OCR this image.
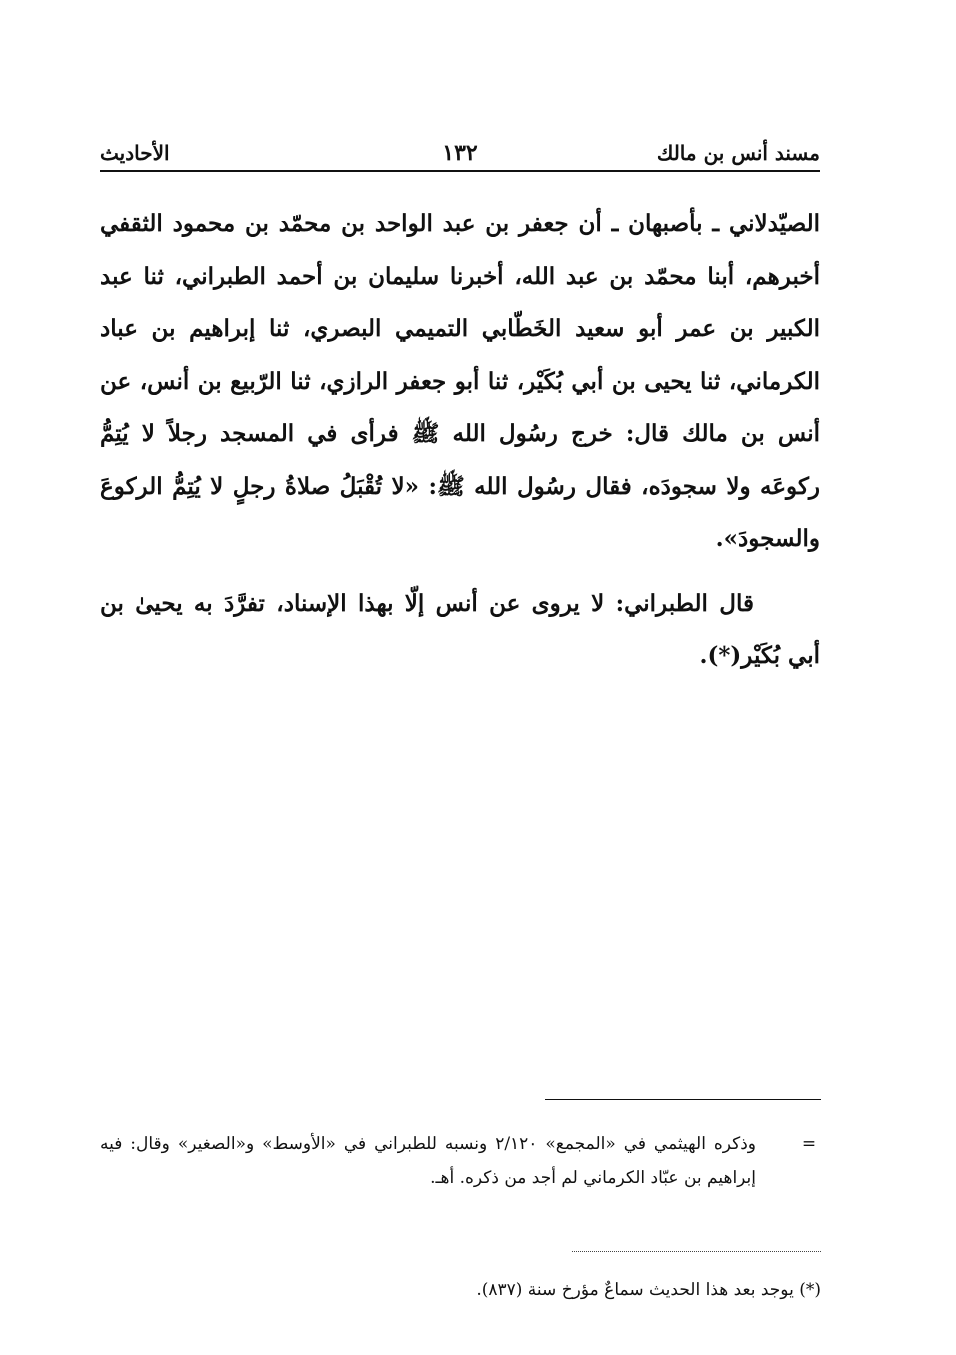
مسند أنس بن مالك
١٣٢
الأحاديث

الصيّدلاني ـ بأصبهان ـ أن جعفر بن عبد الواحد بن محمّد بن محمود الثقفي أخبرهم، أبنا محمّد بن عبد الله، أخبرنا سليمان بن أحمد الطبراني، ثنا عبد الكبير بن عمر أبو سعيد الخَطّابي التميمي البصري، ثنا إبراهيم بن عباد الكرماني، ثنا يحيى بن أبي بُكَيْر، ثنا أبو جعفر الرازي، ثنا الرّبيع بن أنس، عن أنس بن مالك قال: خرج رسُول الله ﷺ فرأى في المسجد رجلاً لا يُتِمُّ ركوعَه ولا سجودَه، فقال رسُول الله ﷺ: «لا تُقْبَلُ صلاةُ رجلٍ لا يُتِمُّ الركوعَ والسجودَ».

قال الطبراني: لا يروى عن أنس إلّا بهذا الإسناد، تفرَّدَ به يحيىٰ بن أبي بُكَيْر(*).

=

وذكره الهيثمي في «المجمع» ٢/١٢٠ ونسبه للطبراني في «الأوسط» و«الصغير» وقال: فيه إبراهيم بن عبّاد الكرماني لم أجد من ذكره. أهـ.

(*) يوجد بعد هذا الحديث سماعٌ مؤرخ سنة (٨٣٧).
